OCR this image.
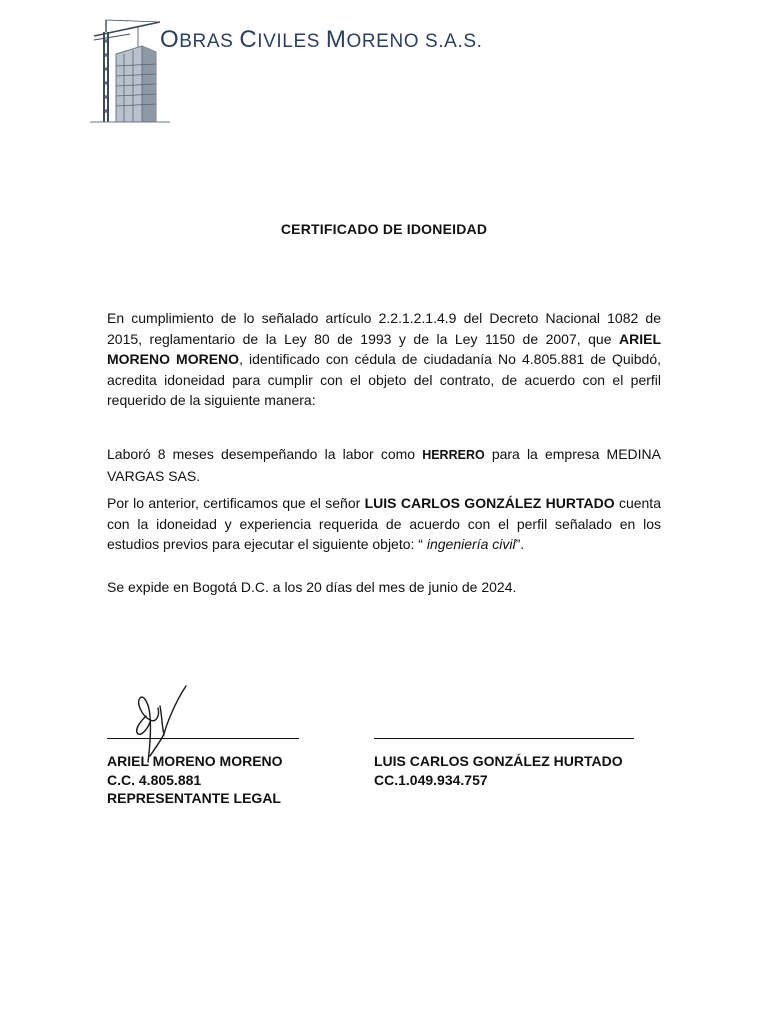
OBRAS CIVILES MORENO S.A.S.
CERTIFICADO DE IDONEIDAD
En cumplimiento de lo señalado artículo 2.2.1.2.1.4.9 del Decreto Nacional 1082 de 2015, reglamentario de la Ley 80 de 1993 y de la Ley 1150 de 2007, que ARIEL MORENO MORENO, identificado con cédula de ciudadanía No 4.805.881 de Quibdó, acredita idoneidad para cumplir con el objeto del contrato, de acuerdo con el perfil requerido de la siguiente manera:
Laboró 8 meses desempeñando la labor como HERRERO para la empresa MEDINA VARGAS SAS.
Por lo anterior, certificamos que el señor LUIS CARLOS GONZÁLEZ HURTADO cuenta con la idoneidad y experiencia requerida de acuerdo con el perfil señalado en los estudios previos para ejecutar el siguiente objeto: “ ingeniería civil”.
Se expide en Bogotá D.C. a los 20 días del mes de junio de 2024.
ARIEL MORENO MORENO
C.C. 4.805.881
REPRESENTANTE LEGAL
LUIS CARLOS GONZÁLEZ HURTADO
CC.1.049.934.757
